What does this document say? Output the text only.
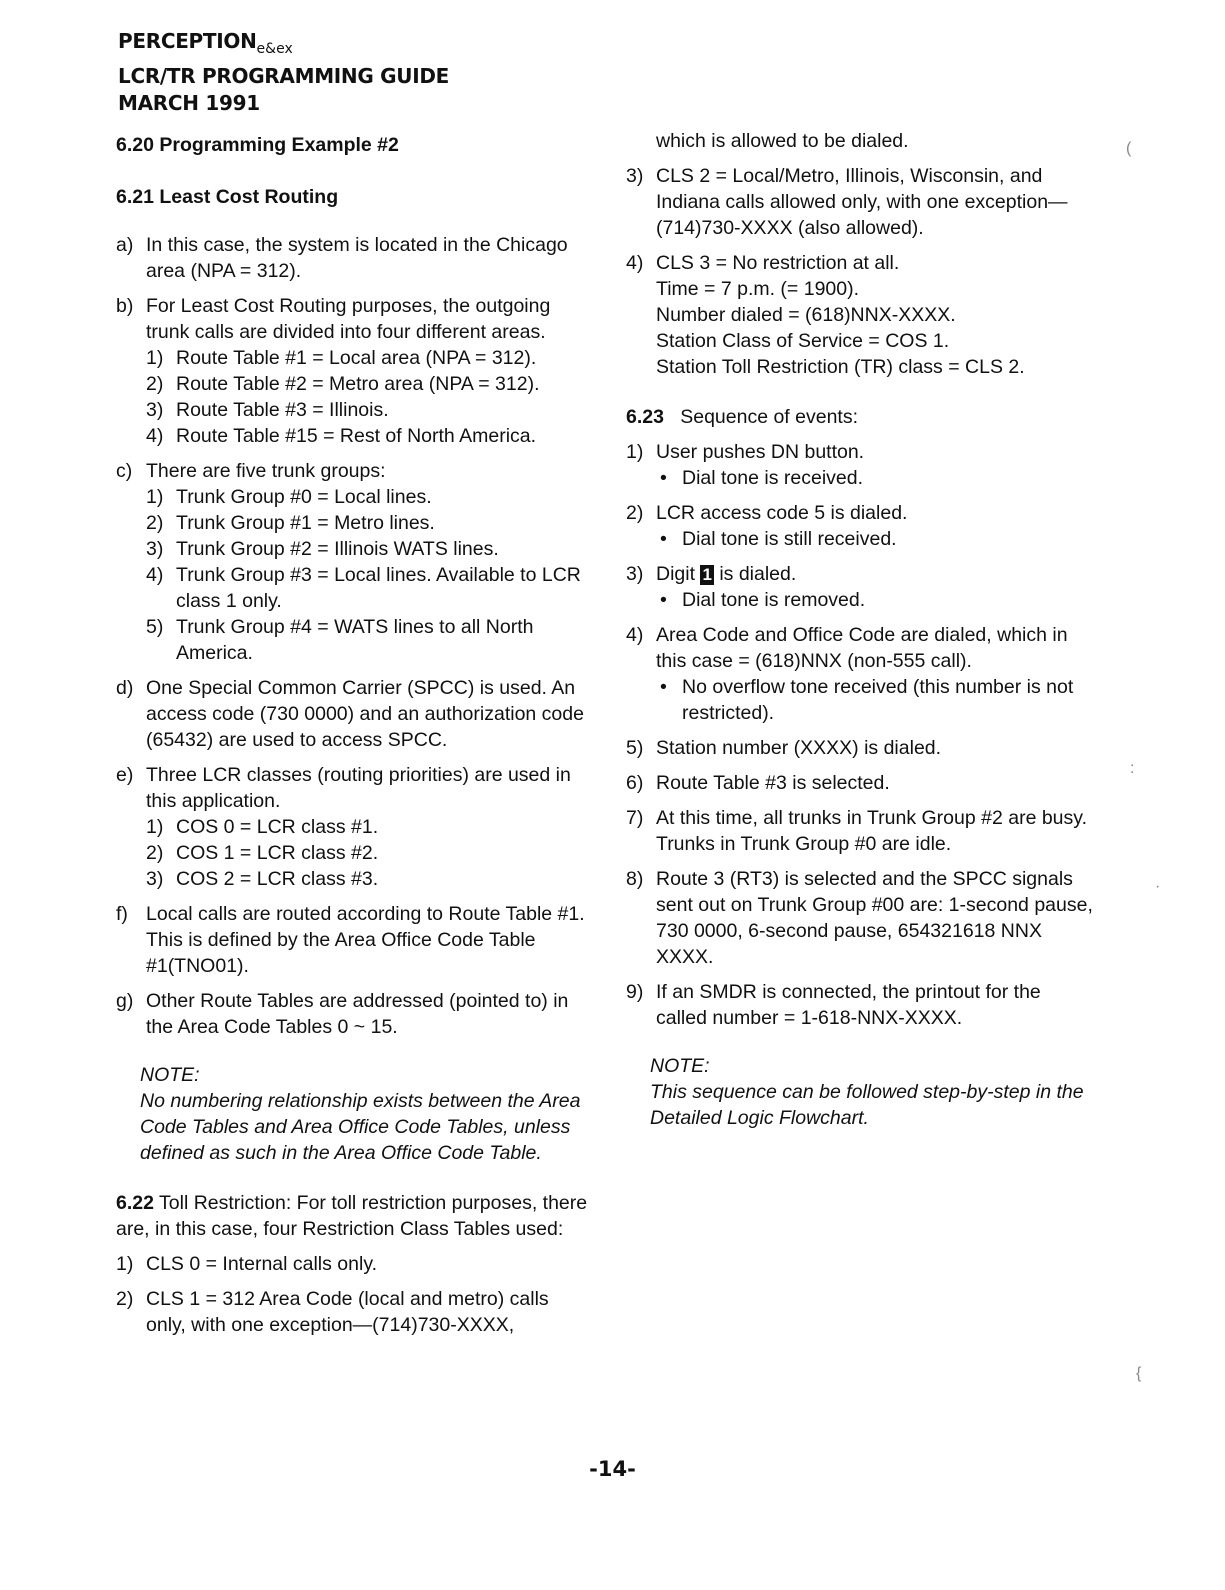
$PERCEPTION_{e\&ex}$
LCR/TR PROGRAMMING GUIDE
MARCH 1991
6.20 Programming Example #2
6.21 Least Cost Routing
a) In this case, the system is located in the Chicago area (NPA = 312).
b) For Least Cost Routing purposes, the outgoing trunk calls are divided into four different areas.
1) Route Table #1 = Local area (NPA = 312).
2) Route Table #2 = Metro area (NPA = 312).
3) Route Table #3 = Illinois.
4) Route Table #15 = Rest of North America.
c) There are five trunk groups:
1) Trunk Group #0 = Local lines.
2) Trunk Group #1 = Metro lines.
3) Trunk Group #2 = Illinois WATS lines.
4) Trunk Group #3 = Local lines. Available to LCR class 1 only.
5) Trunk Group #4 = WATS lines to all North America.
d) One Special Common Carrier (SPCC) is used. An access code (730 0000) and an authorization code (65432) are used to access SPCC.
e) Three LCR classes (routing priorities) are used in this application.
1) COS 0 = LCR class #1.
2) COS 1 = LCR class #2.
3) COS 2 = LCR class #3.
f) Local calls are routed according to Route Table #1. This is defined by the Area Office Code Table #1(TNO01).
g) Other Route Tables are addressed (pointed to) in the Area Code Tables 0 ~ 15.
NOTE:
No numbering relationship exists between the Area Code Tables and Area Office Code Tables, unless defined as such in the Area Office Code Table.
6.22 Toll Restriction: For toll restriction purposes, there are, in this case, four Restriction Class Tables used:
1) CLS 0 = Internal calls only.
2) CLS 1 = 312 Area Code (local and metro) calls only, with one exception—(714)730-XXXX,
which is allowed to be dialed.
3) CLS 2 = Local/Metro, Illinois, Wisconsin, and Indiana calls allowed only, with one exception—(714)730-XXXX (also allowed).
4) CLS 3 = No restriction at all.
Time = 7 p.m. (= 1900).
Number dialed = (618)NNX-XXXX.
Station Class of Service = COS 1.
Station Toll Restriction (TR) class = CLS 2.
6.23 Sequence of events:
1) User pushes DN button.
• Dial tone is received.
2) LCR access code 5 is dialed.
• Dial tone is still received.
3) Digit 1 is dialed.
• Dial tone is removed.
4) Area Code and Office Code are dialed, which in this case = (618)NNX (non-555 call).
• No overflow tone received (this number is not restricted).
5) Station number (XXXX) is dialed.
6) Route Table #3 is selected.
7) At this time, all trunks in Trunk Group #2 are busy. Trunks in Trunk Group #0 are idle.
8) Route 3 (RT3) is selected and the SPCC signals sent out on Trunk Group #00 are: 1-second pause, 730 0000, 6-second pause, 654321618 NNX XXXX.
9) If an SMDR is connected, the printout for the called number = 1-618-NNX-XXXX.
NOTE:
This sequence can be followed step-by-step in the Detailed Logic Flowchart.
-14-
(
:
·
{
